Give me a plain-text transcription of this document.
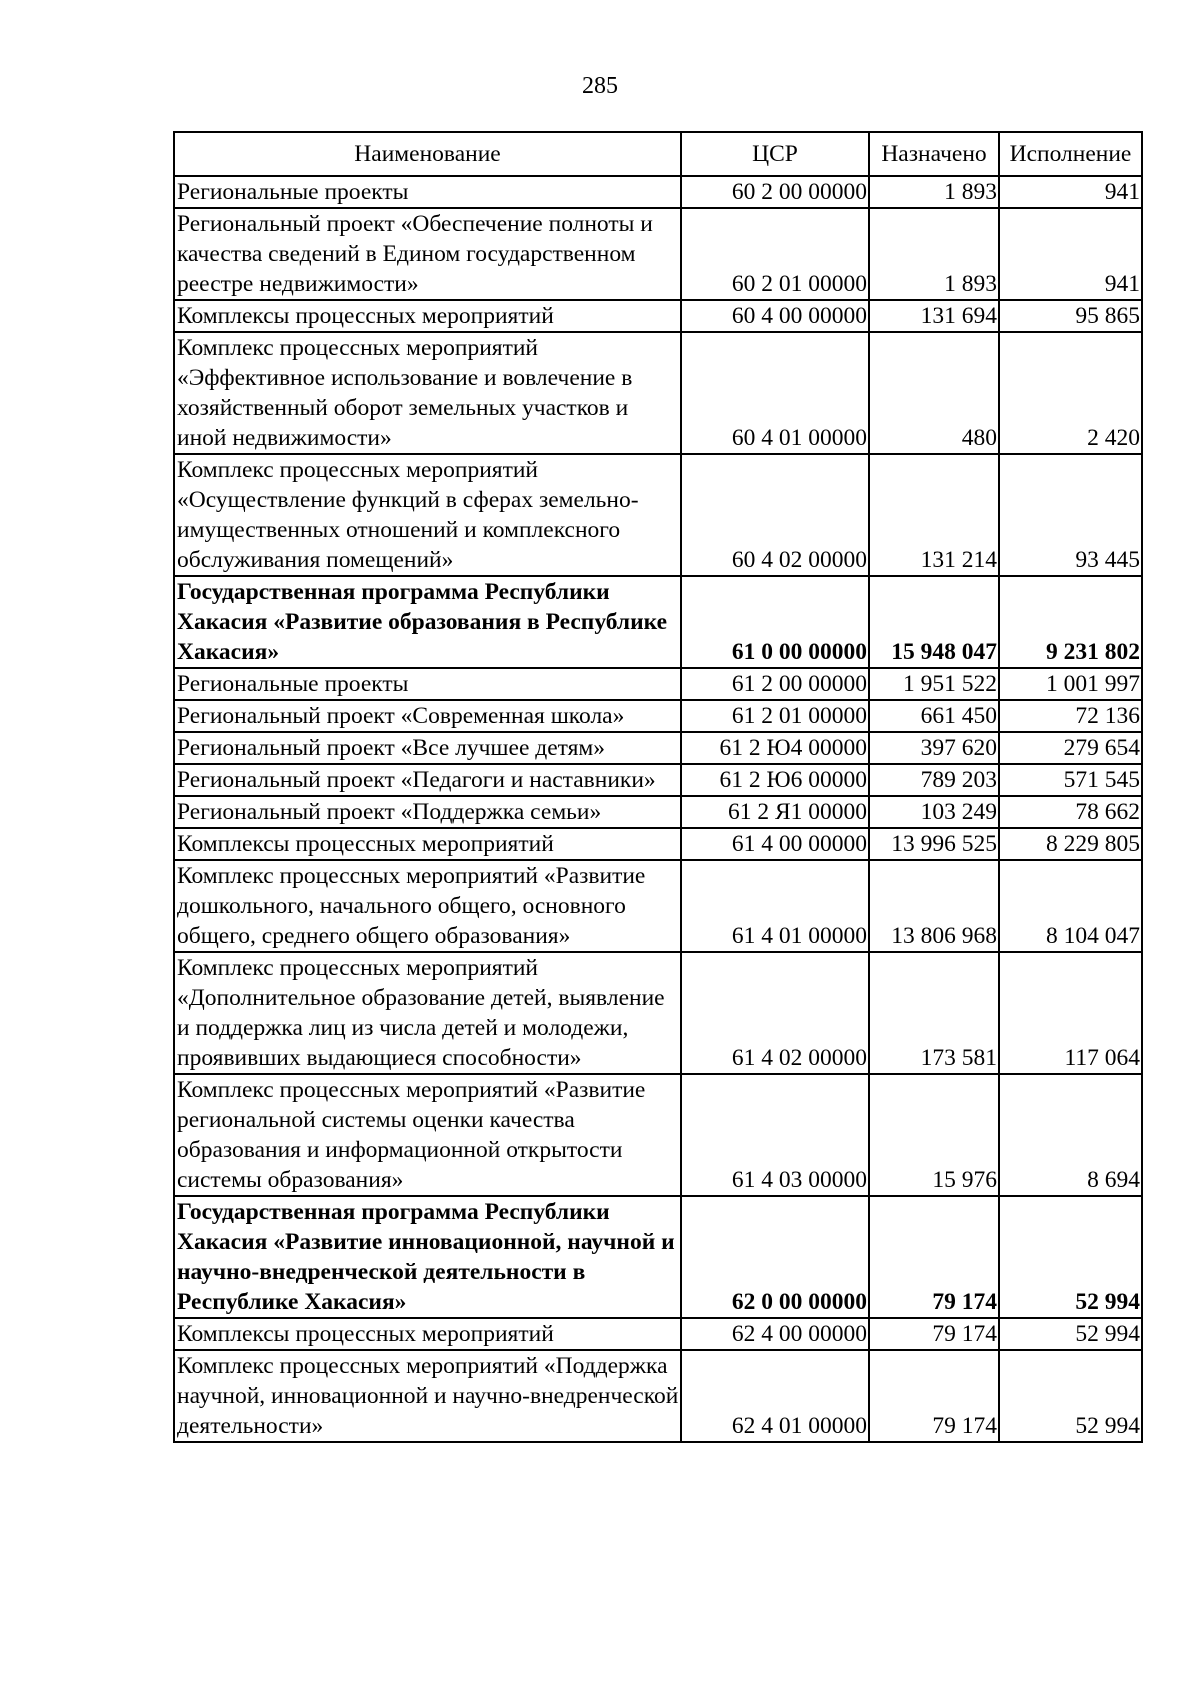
285
Наименование	ЦСР	Назначено	Исполнение
Региональные проекты	60 2 00 00000	1 893	941
Региональный проект «Обеспечение полноты и качества сведений в Едином государственном реестре недвижимости»	60 2 01 00000	1 893	941
Комплексы процессных мероприятий	60 4 00 00000	131 694	95 865
Комплекс процессных мероприятий «Эффективное использование и вовлечение в хозяйственный оборот земельных участков и иной недвижимости»	60 4 01 00000	480	2 420
Комплекс процессных мероприятий «Осуществление функций в сферах земельно-имущественных отношений и комплексного обслуживания помещений»	60 4 02 00000	131 214	93 445
Государственная программа Республики Хакасия «Развитие образования в Республике Хакасия»	61 0 00 00000	15 948 047	9 231 802
Региональные проекты	61 2 00 00000	1 951 522	1 001 997
Региональный проект «Современная школа»	61 2 01 00000	661 450	72 136
Региональный проект «Все лучшее детям»	61 2 Ю4 00000	397 620	279 654
Региональный проект «Педагоги и наставники»	61 2 Ю6 00000	789 203	571 545
Региональный проект «Поддержка семьи»	61 2 Я1 00000	103 249	78 662
Комплексы процессных мероприятий	61 4 00 00000	13 996 525	8 229 805
Комплекс процессных мероприятий «Развитие дошкольного, начального общего, основного общего, среднего общего образования»	61 4 01 00000	13 806 968	8 104 047
Комплекс процессных мероприятий «Дополнительное образование детей, выявление и поддержка лиц из числа детей и молодежи, проявивших выдающиеся способности»	61 4 02 00000	173 581	117 064
Комплекс процессных мероприятий «Развитие региональной системы оценки качества образования и информационной открытости системы образования»	61 4 03 00000	15 976	8 694
Государственная программа Республики Хакасия «Развитие инновационной, научной и научно-внедренческой деятельности в Республике Хакасия»	62 0 00 00000	79 174	52 994
Комплексы процессных мероприятий	62 4 00 00000	79 174	52 994
Комплекс процессных мероприятий «Поддержка научной, инновационной и научно-внедренческой деятельности»	62 4 01 00000	79 174	52 994
